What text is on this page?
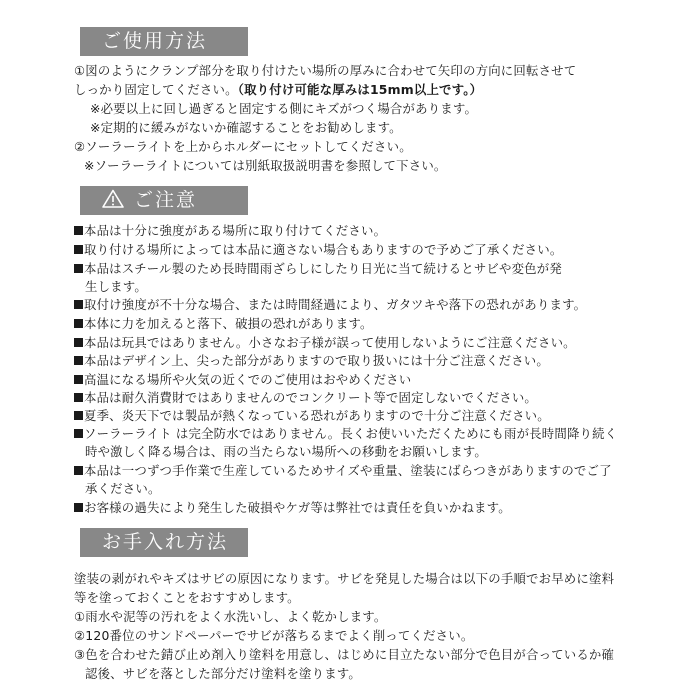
ご使用方法
①図のようにクランプ部分を取り付けたい場所の厚みに合わせて矢印の方向に回転させて
しっかり固定してください。（取り付け可能な厚みは15mm以上です。）
※必要以上に回し過ぎると固定する側にキズがつく場合があります。
※定期的に緩みがないか確認することをお勧めします。
②ソーラーライトを上からホルダーにセットしてください。
※ソーラーライトについては別紙取扱説明書を参照して下さい。
ご注意
本品は十分に強度がある場所に取り付けてください。
取り付ける場所によっては本品に適さない場合もありますので予めご了承ください。
本品はスチール製のため長時間雨ざらしにしたり日光に当て続けるとサビや変色が発
生します。
取付け強度が不十分な場合、または時間経過により、ガタツキや落下の恐れがあります。
本体に力を加えると落下、破損の恐れがあります。
本品は玩具ではありません。小さなお子様が誤って使用しないようにご注意ください。
本品はデザイン上、尖った部分がありますので取り扱いには十分ご注意ください。
高温になる場所や火気の近くでのご使用はおやめください
本品は耐久消費財ではありませんのでコンクリート等で固定しないでください。
夏季、炎天下では製品が熱くなっている恐れがありますので十分ご注意ください。
ソーラーライト は完全防水ではありません。長くお使いいただくためにも雨が長時間降り続く
時や激しく降る場合は、雨の当たらない場所への移動をお願いします。
本品は一つずつ手作業で生産しているためサイズや重量、塗装にばらつきがありますのでご了
承ください。
お客様の過失により発生した破損やケガ等は弊社では責任を負いかねます。
お手入れ方法
塗装の剥がれやキズはサビの原因になります。サビを発見した場合は以下の手順でお早めに塗料
等を塗っておくことをおすすめします。
①雨水や泥等の汚れをよく水洗いし、よく乾かします。
②120番位のサンドペーパーでサビが落ちるまでよく削ってください。
③色を合わせた錆び止め剤入り塗料を用意し、はじめに目立たない部分で色目が合っているか確
認後、サビを落とした部分だけ塗料を塗ります。
